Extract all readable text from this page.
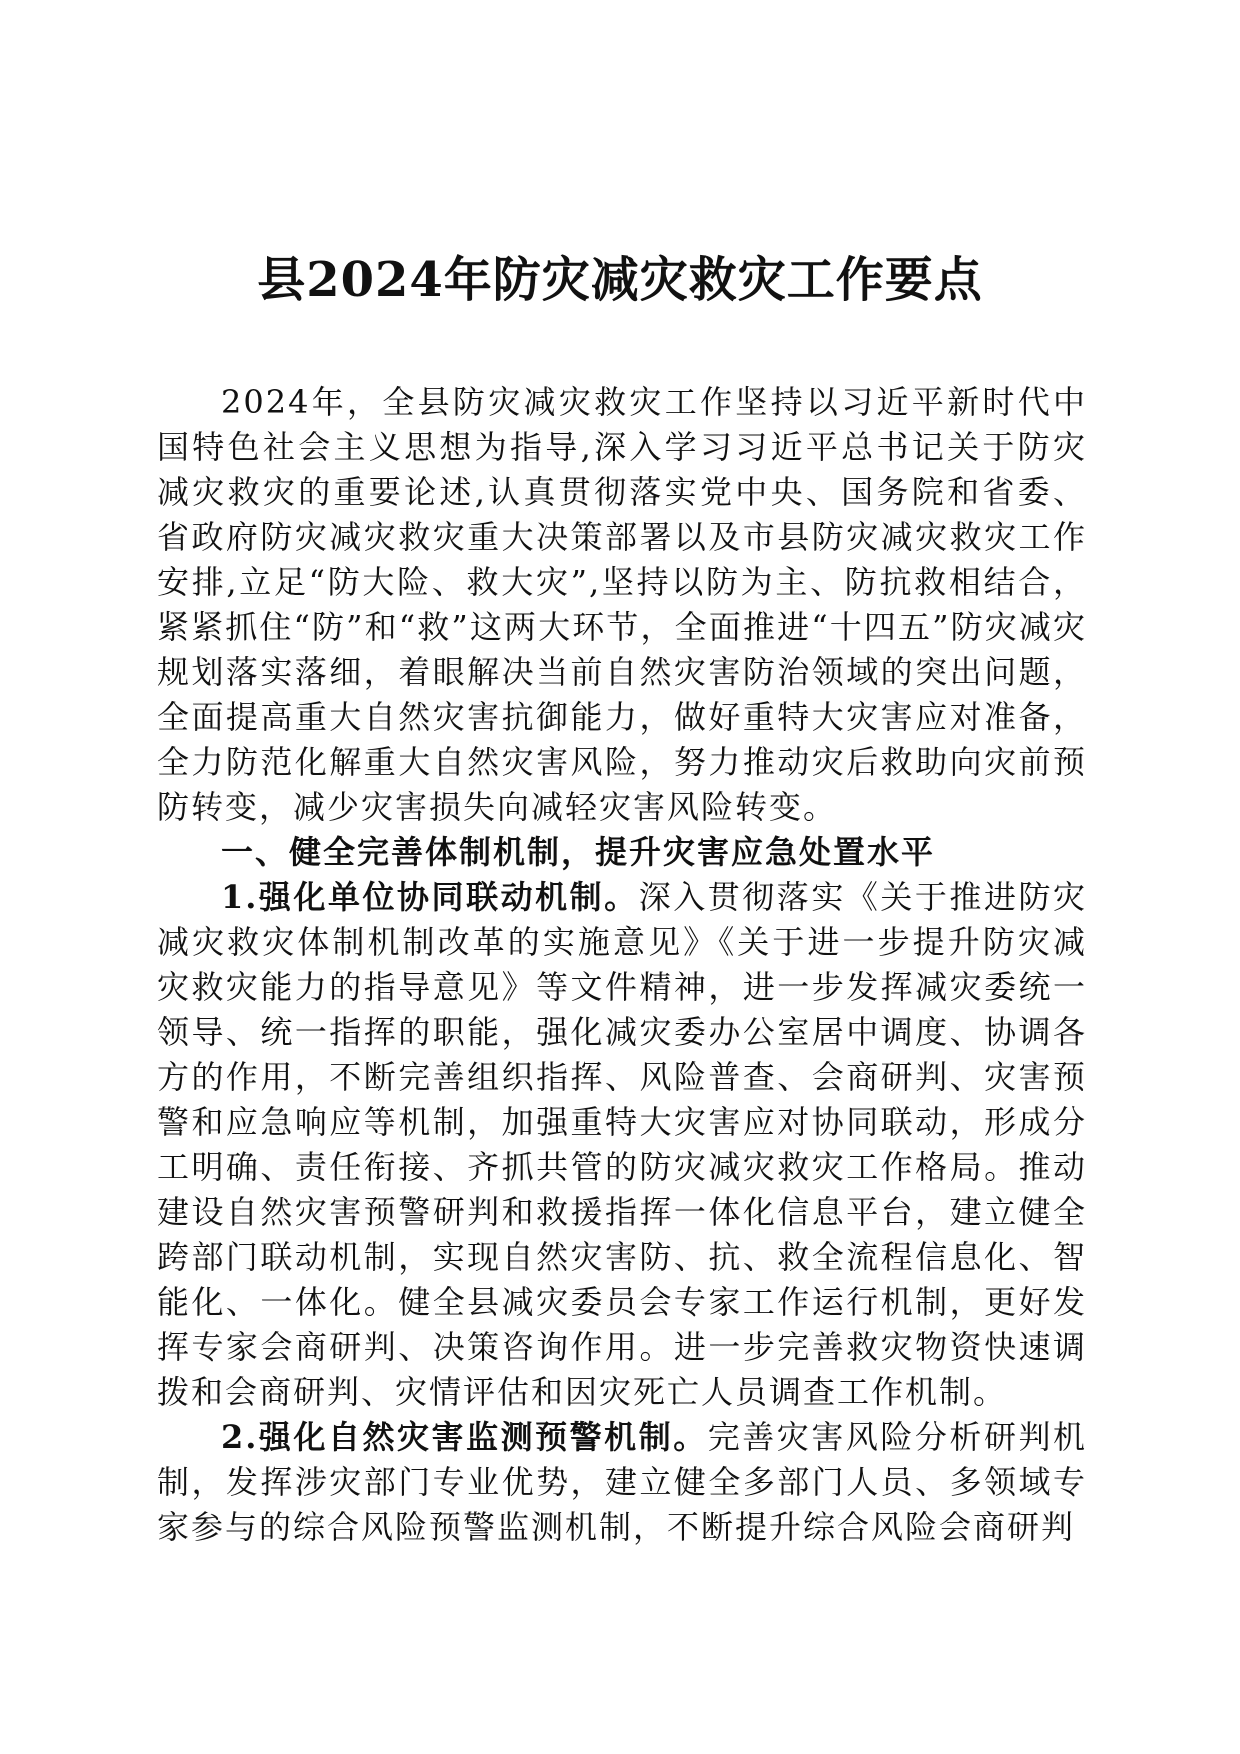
县2024年防灾减灾救灾工作要点

2024年，全县防灾减灾救灾工作坚持以习近平新时代中国特色社会主义思想为指导,深入学习习近平总书记关于防灾减灾救灾的重要论述,认真贯彻落实党中央、国务院和省委、省政府防灾减灾救灾重大决策部署以及市县防灾减灾救灾工作安排,立足“防大险、救大灾”,坚持以防为主、防抗救相结合，紧紧抓住“防”和“救”这两大环节，全面推进“十四五”防灾减灾规划落实落细，着眼解决当前自然灾害防治领域的突出问题，全面提高重大自然灾害抗御能力，做好重特大灾害应对准备，全力防范化解重大自然灾害风险，努力推动灾后救助向灾前预防转变，减少灾害损失向减轻灾害风险转变。

一、健全完善体制机制，提升灾害应急处置水平

1.强化单位协同联动机制。深入贯彻落实《关于推进防灾减灾救灾体制机制改革的实施意见》《关于进一步提升防灾减灾救灾能力的指导意见》等文件精神，进一步发挥减灾委统一领导、统一指挥的职能，强化减灾委办公室居中调度、协调各方的作用，不断完善组织指挥、风险普查、会商研判、灾害预警和应急响应等机制，加强重特大灾害应对协同联动，形成分工明确、责任衔接、齐抓共管的防灾减灾救灾工作格局。推动建设自然灾害预警研判和救援指挥一体化信息平台，建立健全跨部门联动机制，实现自然灾害防、抗、救全流程信息化、智能化、一体化。健全县减灾委员会专家工作运行机制，更好发挥专家会商研判、决策咨询作用。进一步完善救灾物资快速调拨和会商研判、灾情评估和因灾死亡人员调查工作机制。

2.强化自然灾害监测预警机制。完善灾害风险分析研判机制，发挥涉灾部门专业优势，建立健全多部门人员、多领域专家参与的综合风险预警监测机制，不断提升综合风险会商研判
